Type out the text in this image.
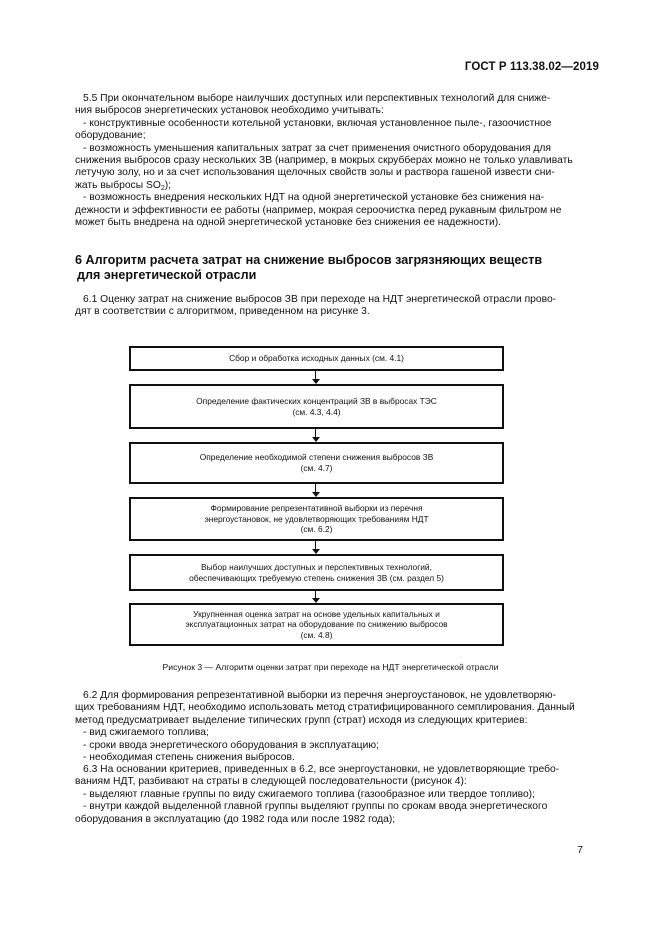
ГОСТ Р 113.38.02—2019

5.5 При окончательном выборе наилучших доступных или перспективных технологий для сниже-

ния выбросов энергетических установок необходимо учитывать:

- конструктивные особенности котельной установки, включая установленное пыле-, газоочистное

оборудование;

- возможность уменьшения капитальных затрат за счет применения очистного оборудования для

снижения выбросов сразу нескольких ЗВ (например, в мокрых скрубберах можно не только улавливать

летучую золу, но и за счет использования щелочных свойств золы и раствора гашеной извести сни-

жать выбросы $SO_2$);

- возможность внедрения нескольких НДТ на одной энергетической установке без снижения на-

дежности и эффективности ее работы (например, мокрая сероочистка перед рукавным фильтром не

может быть внедрена на одной энергетической установке без снижения ее надежности).

6 Алгоритм расчета затрат на снижение выбросов загрязняющих веществ
для энергетической отрасли

6.1 Оценку затрат на снижение выбросов ЗВ при переходе на НДТ энергетической отрасли прово-

дят в соответствии с алгоритмом, приведенном на рисунке 3.

Сбор и обработка исходных данных (см. 4.1)
Определение фактических концентраций ЗВ в выбросах ТЭС
(см. 4.3, 4.4)
Определение необходимой степени снижения выбросов ЗВ
(см. 4.7)
Формирование репрезентативной выборки из перечня
энергоустановок, не удовлетворяющих требованиям НДТ
(см. 6.2)
Выбор наилучших доступных и перспективных технологий,
обеспечивающих требуемую степень снижения ЗВ (см. раздел 5)
Укрупненная оценка затрат на основе удельных капитальных и
эксплуатационных затрат на оборудование по снижению выбросов
(см. 4.8)
Рисунок 3 — Алгоритм оценки затрат при переходе на НДТ энергетической отрасли

6.2 Для формирования репрезентативной выборки из перечня энергоустановок, не удовлетворяю-

щих требованиям НДТ, необходимо использовать метод стратифицированного семплирования. Данный

метод предусматривает выделение типических групп (страт) исходя из следующих критериев:

- вид сжигаемого топлива;

- сроки ввода энергетического оборудования в эксплуатацию;

- необходимая степень снижения выбросов.

6.3 На основании критериев, приведенных в 6.2, все энергоустановки, не удовлетворяющие требо-

ваниям НДТ, разбивают на страты в следующей последовательности (рисунок 4):

- выделяют главные группы по виду сжигаемого топлива (газообразное или твердое топливо);

- внутри каждой выделенной главной группы выделяют группы по срокам ввода энергетического

оборудования в эксплуатацию (до 1982 года или после 1982 года);

7
